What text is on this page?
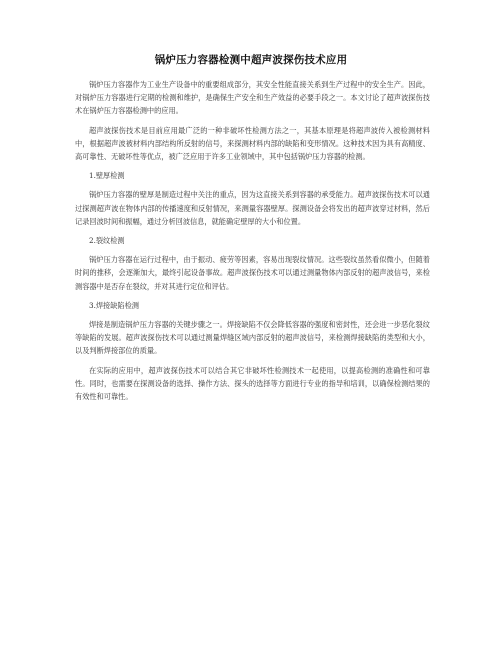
锅炉压力容器检测中超声波探伤技术应用

锅炉压力容器作为工业生产设备中的重要组成部分，其安全性能直接关系到生产过程中的安全生产。因此，对锅炉压力容器进行定期的检测和维护，是确保生产安全和生产效益的必要手段之一。本文讨论了超声波探伤技术在锅炉压力容器检测中的应用。

超声波探伤技术是目前应用最广泛的一种非破坏性检测方法之一，其基本原理是将超声波传入被检测材料中，根据超声波被材料内部结构所反射的信号，来探测材料内部的缺陷和变形情况。这种技术因为具有高精度、高可靠性、无破坏性等优点，被广泛应用于许多工业领域中，其中包括锅炉压力容器的检测。

1.壁厚检测

锅炉压力容器的壁厚是制造过程中关注的重点，因为这直接关系到容器的承受能力。超声波探伤技术可以通过探测超声波在物体内部的传播速度和反射情况，来测量容器壁厚。探测设备会将发出的超声波穿过材料，然后记录回波时间和振幅，通过分析回波信息，就能确定壁厚的大小和位置。

2.裂纹检测

锅炉压力容器在运行过程中，由于振动、疲劳等因素，容易出现裂纹情况。这些裂纹虽然看似微小，但随着时间的推移，会逐渐加大，最终引起设备事故。超声波探伤技术可以通过测量物体内部反射的超声波信号，来检测容器中是否存在裂纹，并对其进行定位和评估。

3.焊接缺陷检测

焊接是制造锅炉压力容器的关键步骤之一。焊接缺陷不仅会降低容器的强度和密封性，还会进一步恶化裂纹等缺陷的发展。超声波探伤技术可以通过测量焊缝区域内部反射的超声波信号，来检测焊接缺陷的类型和大小，以及判断焊接部位的质量。

在实际的应用中，超声波探伤技术可以结合其它非破坏性检测技术一起使用，以提高检测的准确性和可靠性。同时，也需要在探测设备的选择、操作方法、探头的选择等方面进行专业的指导和培训，以确保检测结果的有效性和可靠性。
